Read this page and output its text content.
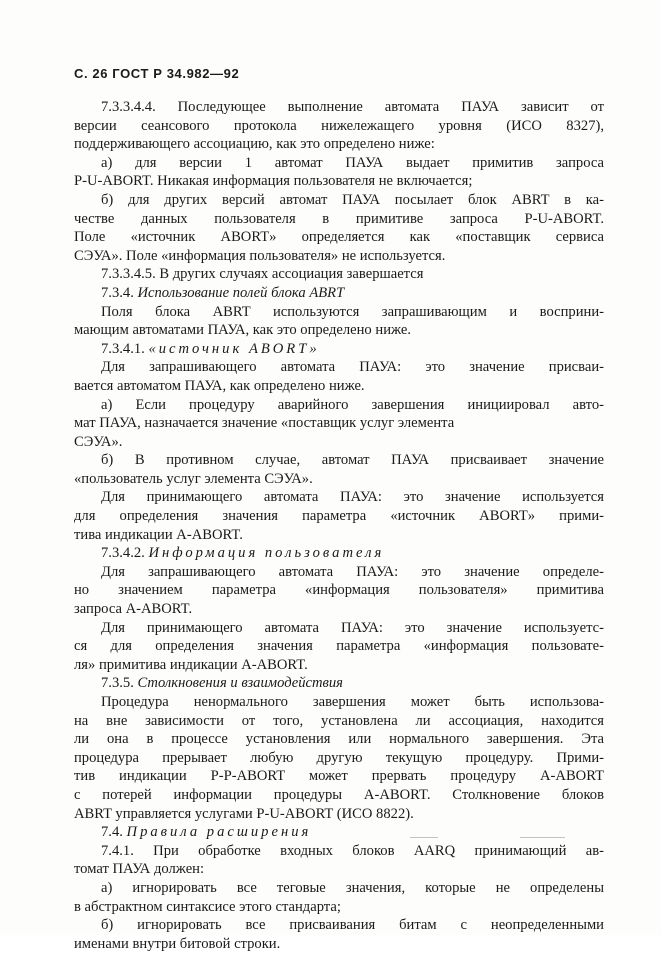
С. 26 ГОСТ Р 34.982—92
7.3.3.4.4. Последующее выполнение автомата ПАУА зависит от
версии сеансового протокола нижележащего уровня (ИСО 8327),
поддерживающего ассоциацию, как это определено ниже:
а) для версии 1 автомат ПАУА выдает примитив запроса
P-U-ABORT. Никакая информация пользователя не включается;
б) для других версий автомат ПАУА посылает блок ABRT в ка-
честве данных пользователя в примитиве запроса P-U-ABORT.
Поле «источник ABORT» определяется как «поставщик сервиса
СЭУА». Поле «информация пользователя» не используется.
7.3.3.4.5. В других случаях ассоциация завершается
7.3.4. Использование полей блока ABRT
Поля блока ABRT используются запрашивающим и восприни-
мающим автоматами ПАУА, как это определено ниже.
7.3.4.1. «источник ABORT»
Для запрашивающего автомата ПАУА: это значение присваи-
вается автоматом ПАУА, как определено ниже.
а) Если процедуру аварийного завершения инициировал авто-
мат ПАУА, назначается значение «поставщик услуг элемента
СЭУА».
б) В противном случае, автомат ПАУА присваивает значение
«пользователь услуг элемента СЭУА».
Для принимающего автомата ПАУА: это значение используется
для определения значения параметра «источник ABORT» прими-
тива индикации A-ABORT.
7.3.4.2. Информация пользователя
Для запрашивающего автомата ПАУА: это значение определе-
но значением параметра «информация пользователя» примитива
запроса A-ABORT.
Для принимающего автомата ПАУА: это значение используетс-
ся для определения значения параметра «информация пользовате-
ля» примитива индикации A-ABORT.
7.3.5. Столкновения и взаимодействия
Процедура ненормального завершения может быть использова-
на вне зависимости от того, установлена ли ассоциация, находится
ли она в процессе установления или нормального завершения. Эта
процедура прерывает любую другую текущую процедуру. Прими-
тив индикации P-P-ABORT может прервать процедуру A-ABORT
с потерей информации процедуры A-ABORT. Столкновение блоков
ABRT управляется услугами P-U-ABORT (ИСО 8822).
7.4. Правила расширения
7.4.1. При обработке входных блоков AARQ принимающий ав-
томат ПАУА должен:
а) игнорировать все теговые значения, которые не определены
в абстрактном синтаксисе этого стандарта;
б) игнорировать все присваивания битам с неопределенными
именами внутри битовой строки.
